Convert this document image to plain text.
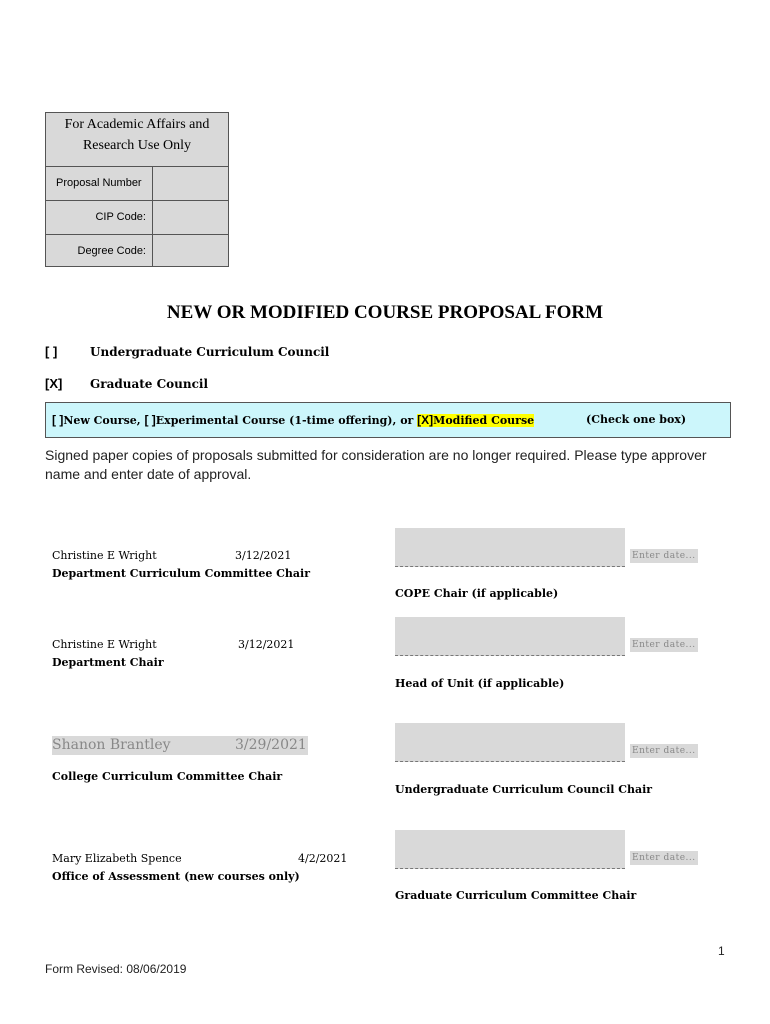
For Academic Affairs and
Research Use Only
Proposal Number
CIP Code:
Degree Code:
NEW OR MODIFIED COURSE PROPOSAL FORM
[ ]	Undergraduate Curriculum Council
[X] Graduate Council
[ ]New Course, [ ]Experimental Course (1-time offering), or [X]Modified Course	(Check one box)
Signed paper copies of proposals submitted for consideration are no longer required. Please type approver name and enter date of approval.
Christine E Wright	3/12/2021
Department Curriculum Committee Chair
Christine E Wright	3/12/2021
Department Chair
Shanon Brantley	3/29/2021
College Curriculum Committee Chair
Mary Elizabeth Spence	4/2/2021
Office of Assessment (new courses only)
Enter date...
COPE Chair (if applicable)
Enter date...
Head of Unit (if applicable)
Enter date...
Undergraduate Curriculum Council Chair
Enter date...
Graduate Curriculum Committee Chair
1
Form Revised: 08/06/2019
